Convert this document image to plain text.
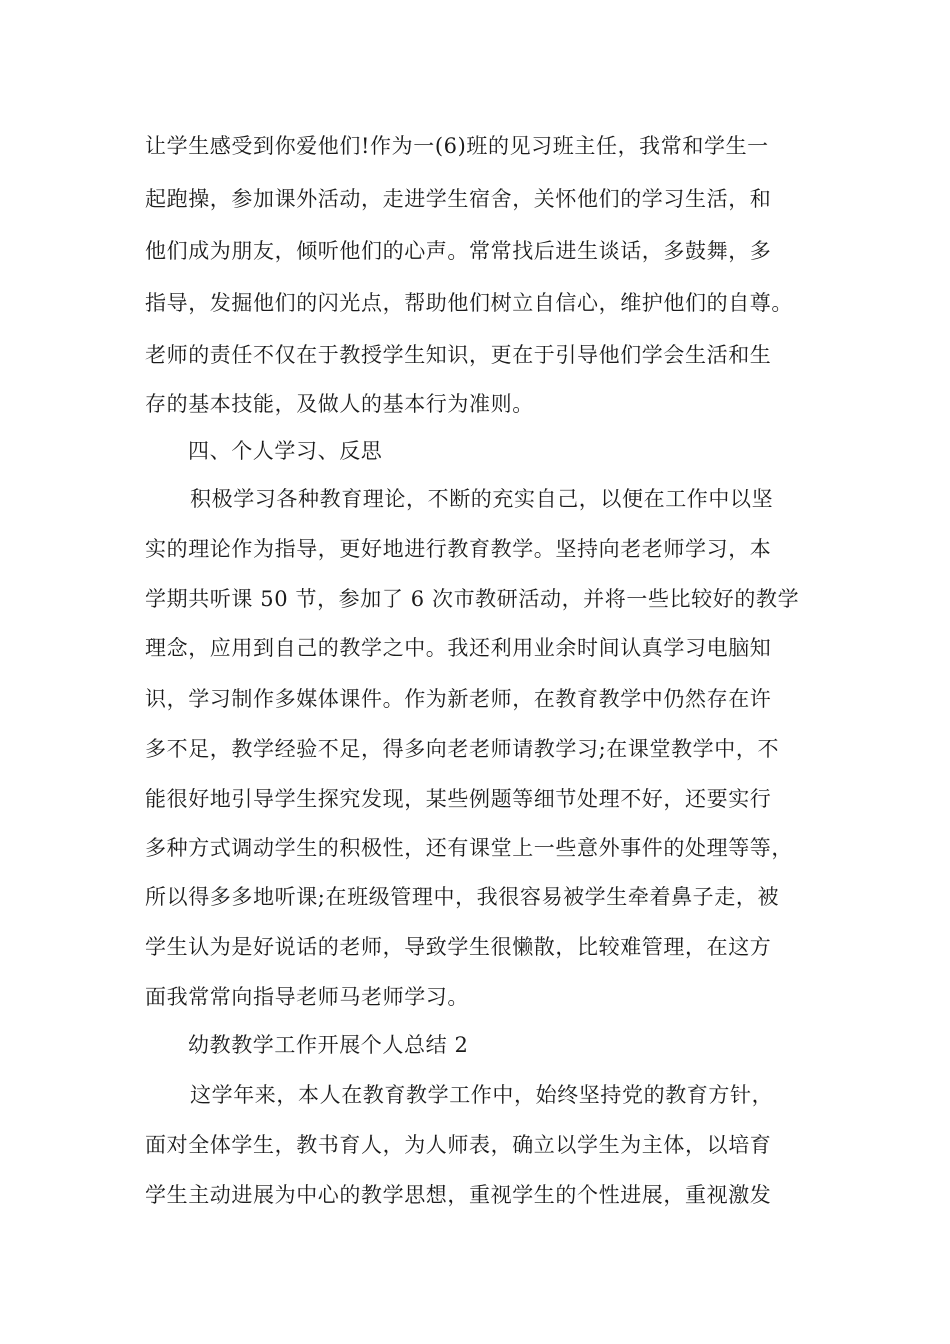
让学生感受到你爱他们!作为一(6)班的见习班主任，我常和学生一
起跑操，参加课外活动，走进学生宿舍，关怀他们的学习生活，和
他们成为朋友，倾听他们的心声。常常找后进生谈话，多鼓舞，多
指导，发掘他们的闪光点，帮助他们树立自信心，维护他们的自尊。
老师的责任不仅在于教授学生知识，更在于引导他们学会生活和生
存的基本技能，及做人的基本行为准则。
四、个人学习、反思
积极学习各种教育理论，不断的充实自己，以便在工作中以坚
实的理论作为指导，更好地进行教育教学。坚持向老老师学习，本
学期共听课 50 节，参加了 6 次市教研活动，并将一些比较好的教学
理念，应用到自己的教学之中。我还利用业余时间认真学习电脑知
识，学习制作多媒体课件。作为新老师，在教育教学中仍然存在许
多不足，教学经验不足，得多向老老师请教学习;在课堂教学中，不
能很好地引导学生探究发现，某些例题等细节处理不好，还要实行
多种方式调动学生的积极性，还有课堂上一些意外事件的处理等等，
所以得多多地听课;在班级管理中，我很容易被学生牵着鼻子走，被
学生认为是好说话的老师，导致学生很懒散，比较难管理，在这方
面我常常向指导老师马老师学习。
幼教教学工作开展个人总结 2
这学年来，本人在教育教学工作中，始终坚持党的教育方针，
面对全体学生，教书育人，为人师表，确立以学生为主体，以培育
学生主动进展为中心的教学思想，重视学生的个性进展，重视激发
